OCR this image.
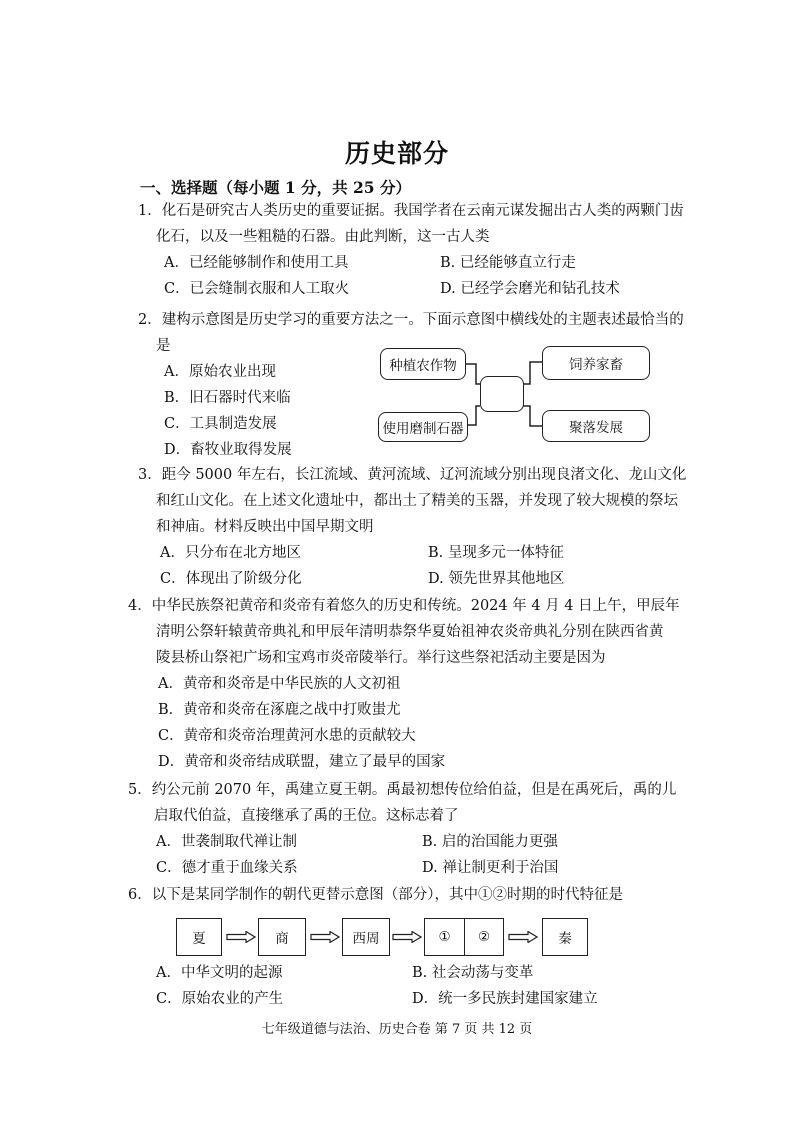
历史部分
一、选择题（每小题 1 分，共 25 分）
1．化石是研究古人类历史的重要证据。我国学者在云南元谋发掘出古人类的两颗门齿
化石，以及一些粗糙的石器。由此判断，这一古人类
A．已经能够制作和使用工具	B. 已经能够直立行走
C．已会缝制衣服和人工取火	D. 已经学会磨光和钻孔技术
2．建构示意图是历史学习的重要方法之一。下面示意图中横线处的主题表述最恰当的
是
A．原始农业出现
B．旧石器时代来临
C．工具制造发展
D．畜牧业取得发展
种植农作物
使用磨制石器
饲养家畜
聚落发展
3．距今 5000 年左右，长江流域、黄河流域、辽河流域分别出现良渚文化、龙山文化
和红山文化。在上述文化遗址中，都出土了精美的玉器，并发现了较大规模的祭坛
和神庙。材料反映出中国早期文明
A．只分布在北方地区	B. 呈现多元一体特征
C．体现出了阶级分化	D. 领先世界其他地区
4．中华民族祭祀黄帝和炎帝有着悠久的历史和传统。2024 年 4 月 4 日上午，甲辰年
清明公祭轩辕黄帝典礼和甲辰年清明恭祭华夏始祖神农炎帝典礼分别在陕西省黄
陵县桥山祭祀广场和宝鸡市炎帝陵举行。举行这些祭祀活动主要是因为
A．黄帝和炎帝是中华民族的人文初祖
B．黄帝和炎帝在涿鹿之战中打败蚩尤
C．黄帝和炎帝治理黄河水患的贡献较大
D．黄帝和炎帝结成联盟，建立了最早的国家
5．约公元前 2070 年，禹建立夏王朝。禹最初想传位给伯益，但是在禹死后，禹的儿
启取代伯益，直接继承了禹的王位。这标志着了
A．世袭制取代禅让制	B. 启的治国能力更强
C．德才重于血缘关系	D. 禅让制更利于治国
6．以下是某同学制作的朝代更替示意图（部分），其中①②时期的时代特征是
夏	商	西周	①	②	秦
A．中华文明的起源	B. 社会动荡与变革
C．原始农业的产生	D．统一多民族封建国家建立
七年级道德与法治、历史合卷 第 7 页 共 12 页
